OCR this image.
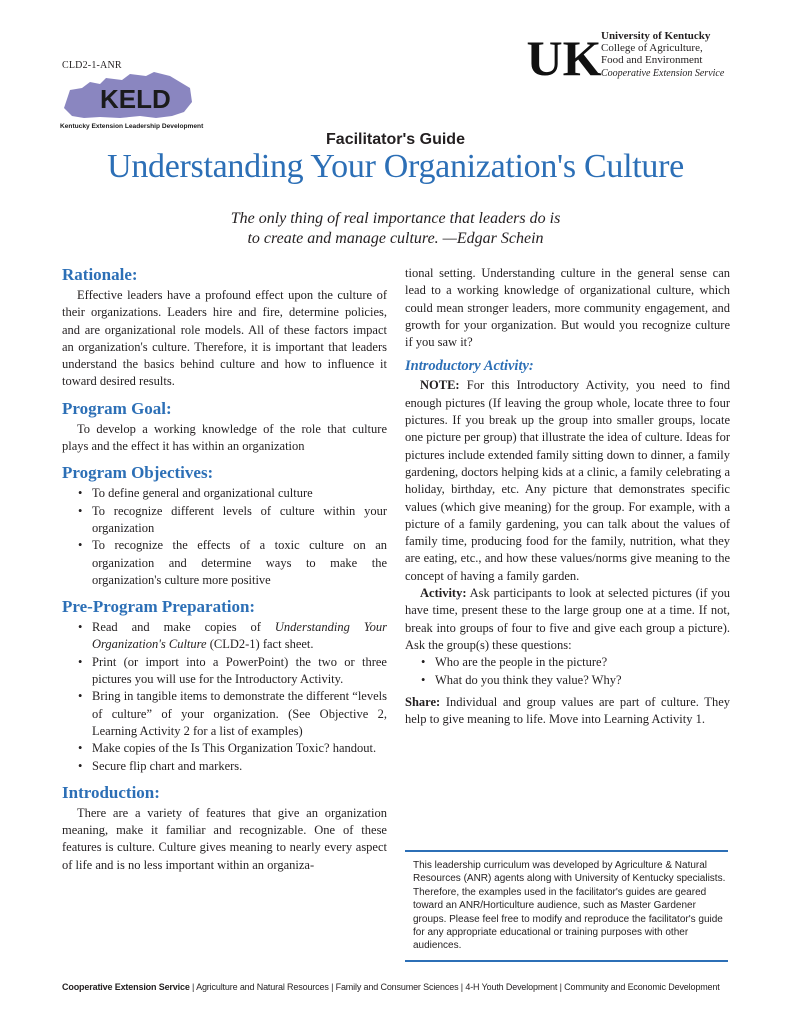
CLD2-1-ANR
KELD
Kentucky Extension Leadership Development
UK University of Kentucky
College of Agriculture,
Food and Environment
Cooperative Extension Service
Facilitator's Guide
Understanding Your Organization's Culture
The only thing of real importance that leaders do is
to create and manage culture. —Edgar Schein
Rationale:

Effective leaders have a profound effect upon the culture of their organizations. Leaders hire and fire, determine policies, and are organizational role models. All of these factors impact an organization's culture. Therefore, it is important that leaders understand the basics behind culture and how to influence it toward desired results.

Program Goal:

To develop a working knowledge of the role that culture plays and the effect it has within an organization

Program Objectives:
• To define general and organizational culture
• To recognize different levels of culture within your organization
• To recognize the effects of a toxic culture on an organization and determine ways to make the organization's culture more positive
Pre-Program Preparation:
• Read and make copies of Understanding Your Organization's Culture (CLD2-1) fact sheet.
• Print (or import into a PowerPoint) the two or three pictures you will use for the Introductory Activity.
• Bring in tangible items to demonstrate the different “levels of culture” of your organization. (See Objective 2, Learning Activity 2 for a list of examples)
• Make copies of the Is This Organization Toxic? handout.
• Secure flip chart and markers.
Introduction:

There are a variety of features that give an organization meaning, make it familiar and recognizable. One of these features is culture. Culture gives meaning to nearly every aspect of life and is no less important within an organiza-

tional setting. Understanding culture in the general sense can lead to a working knowledge of organizational culture, which could mean stronger leaders, more community engagement, and growth for your organization. But would you recognize culture if you saw it?

Introductory Activity:

NOTE: For this Introductory Activity, you need to find enough pictures (If leaving the group whole, locate three to four pictures. If you break up the group into smaller groups, locate one picture per group) that illustrate the idea of culture. Ideas for pictures include extended family sitting down to dinner, a family gardening, doctors helping kids at a clinic, a family celebrating a holiday, birthday, etc. Any picture that demonstrates specific values (which give meaning) for the group. For example, with a picture of a family gardening, you can talk about the values of family time, producing food for the family, nutrition, what they are eating, etc., and how these values/norms give meaning to the concept of having a family garden.

Activity: Ask participants to look at selected pictures (if you have time, present these to the large group one at a time. If not, break into groups of four to five and give each group a picture). Ask the group(s) these questions:

• Who are the people in the picture?
• What do you think they value? Why?

Share: Individual and group values are part of culture. They help to give meaning to life. Move into Learning Activity 1.

This leadership curriculum was developed by Agriculture & Natural Resources (ANR) agents along with University of Kentucky specialists. Therefore, the examples used in the facilitator's guides are geared toward an ANR/Horticulture audience, such as Master Gardener groups. Please feel free to modify and reproduce the facilitator's guide for any appropriate educational or training purposes with other audiences.
Cooperative Extension Service | Agriculture and Natural Resources | Family and Consumer Sciences | 4-H Youth Development | Community and Economic Development
